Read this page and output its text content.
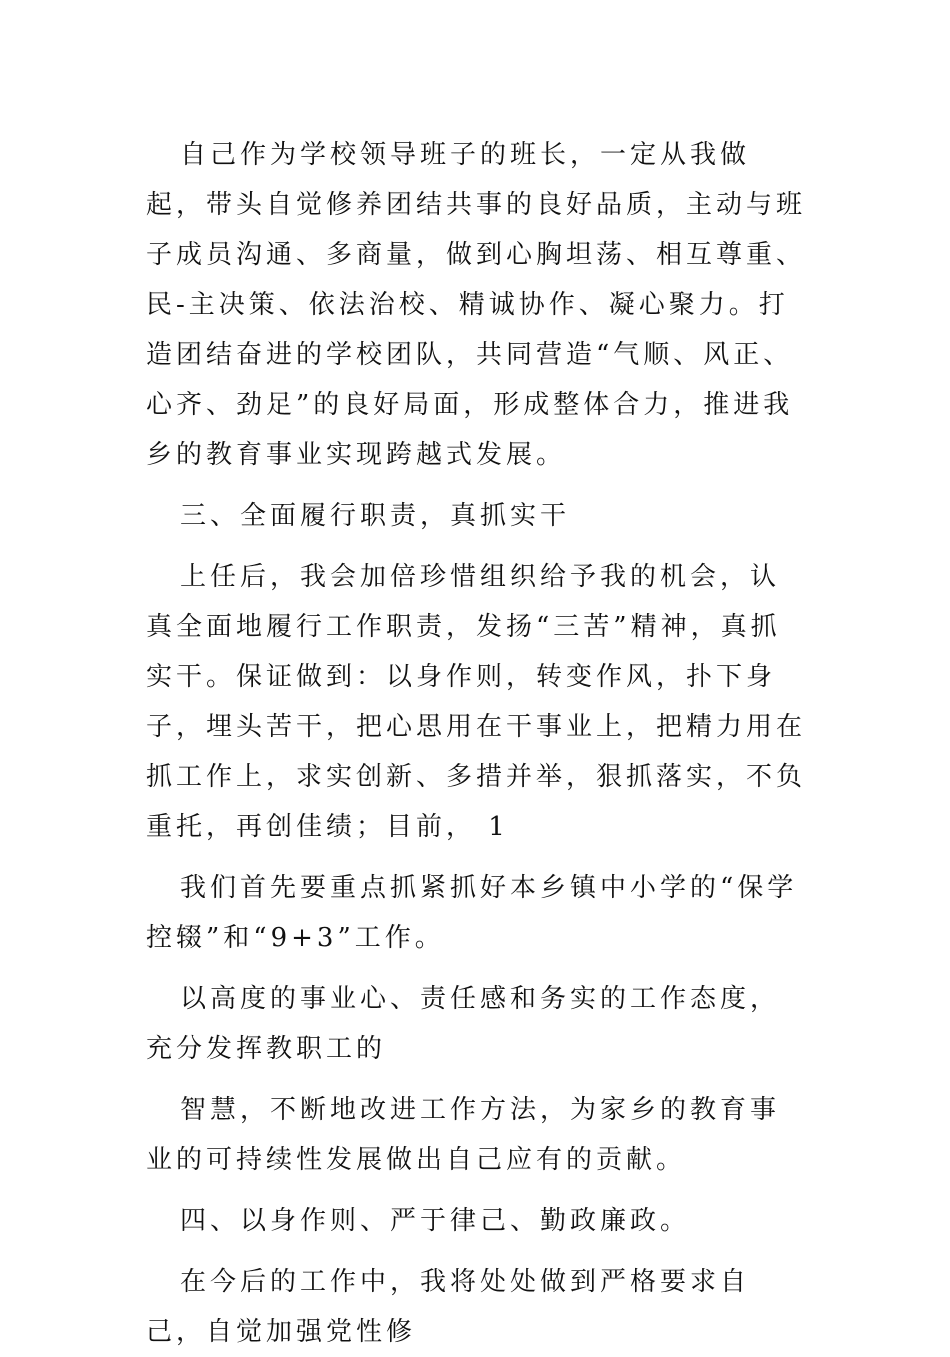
自己作为学校领导班子的班长，一定从我做起，带头自觉修养团结共事的良好品质，主动与班子成员沟通、多商量，做到心胸坦荡、相互尊重、民-主决策、依法治校、精诚协作、凝心聚力。打造团结奋进的学校团队，共同营造“气顺、风正、心齐、劲足”的良好局面，形成整体合力，推进我乡的教育事业实现跨越式发展。

三、全面履行职责，真抓实干

上任后，我会加倍珍惜组织给予我的机会，认真全面地履行工作职责，发扬“三苦”精神，真抓实干。保证做到：以身作则，转变作风，扑下身子，埋头苦干，把心思用在干事业上，把精力用在抓工作上，求实创新、多措并举，狠抓落实，不负重托，再创佳绩；目前， 1

我们首先要重点抓紧抓好本乡镇中小学的“保学控辍”和“9+3”工作。

以高度的事业心、责任感和务实的工作态度，充分发挥教职工的

智慧，不断地改进工作方法，为家乡的教育事业的可持续性发展做出自己应有的贡献。

四、以身作则、严于律己、勤政廉政。

在今后的工作中，我将处处做到严格要求自己，自觉加强党性修
